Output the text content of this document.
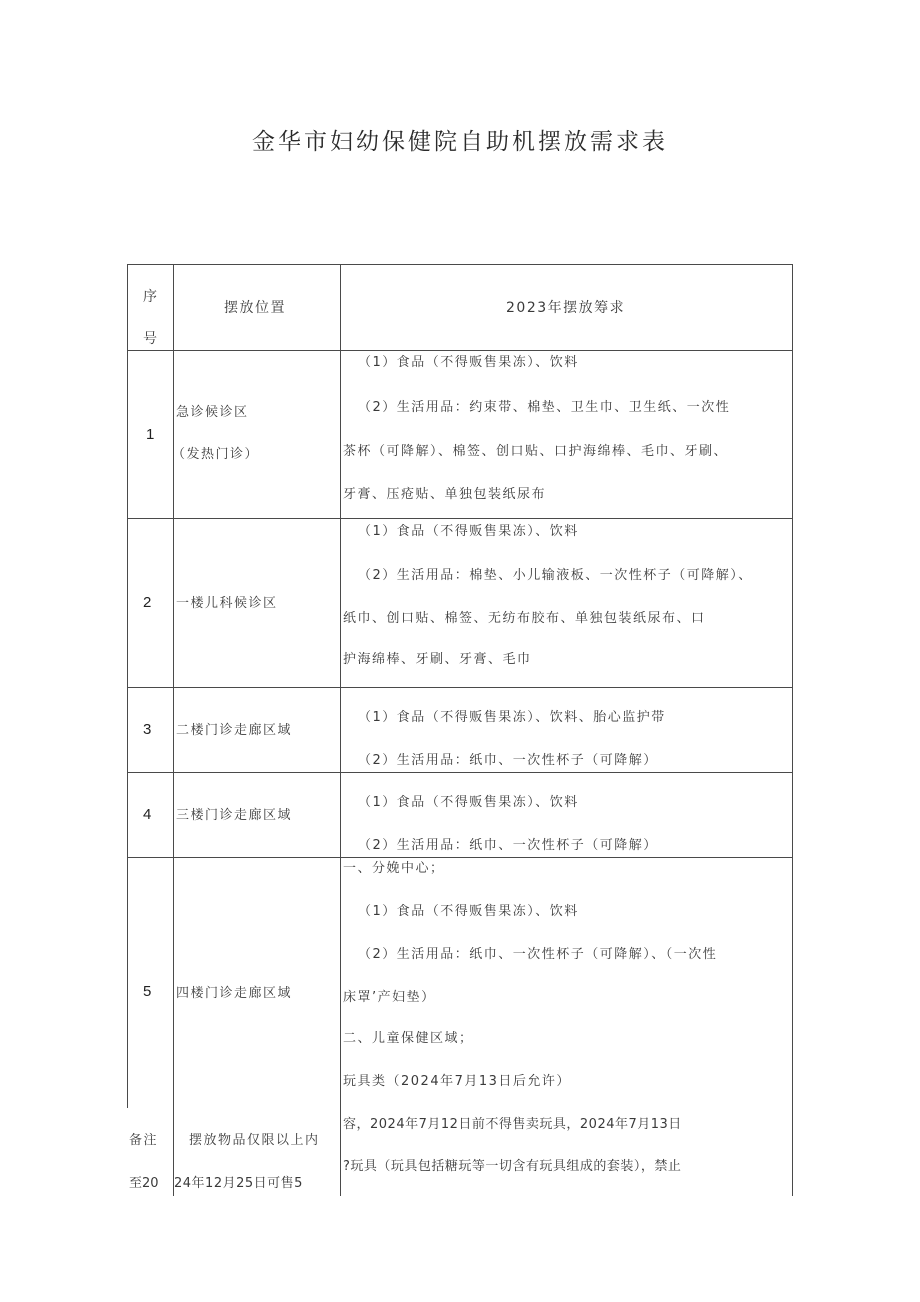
金华市妇幼保健院自助机摆放需求表
序
号
摆放位置	2023年摆放筹求
1
急诊候诊区
（发热门诊）
（1）食品（不得贩售果冻）、饮料
（2）生活用品：约束带、棉垫、卫生巾、卫生纸、一次性
茶杯（可降解）、棉签、创口贴、口护海绵棒、毛巾、牙刷、
牙膏、压疮贴、单独包装纸尿布
2 一楼儿科候诊区
（1）食品（不得贩售果冻）、饮料
（2）生活用品：棉垫、小儿输液板、一次性杯子（可降解）、
纸巾、创口贴、棉签、无纺布胶布、单独包装纸尿布、口
护海绵棒、牙刷、牙膏、毛巾
3 二楼门诊走廊区域
（1）食品（不得贩售果冻）、饮料、胎心监护带
（2）生活用品：纸巾、一次性杯子（可降解）
4 三楼门诊走廊区域
（1）食品（不得贩售果冻）、饮料
（2）生活用品：纸巾、一次性杯子（可降解）
5 四楼门诊走廊区域
一、分娩中心；
（1）食品（不得贩售果冻）、饮料
（2）生活用品：纸巾、一次性杯子（可降解）、（一次性
床罩’产妇垫）
二、儿童保健区域；
玩具类（2024年7月13日后允许）
备注
至20
摆放物品仅限以上内
24年12月25日可售5
容，2024年7月12日前不得售卖玩具，2024年7月13日
?玩具（玩具包括糖玩等一切含有玩具组成的套装），禁止
